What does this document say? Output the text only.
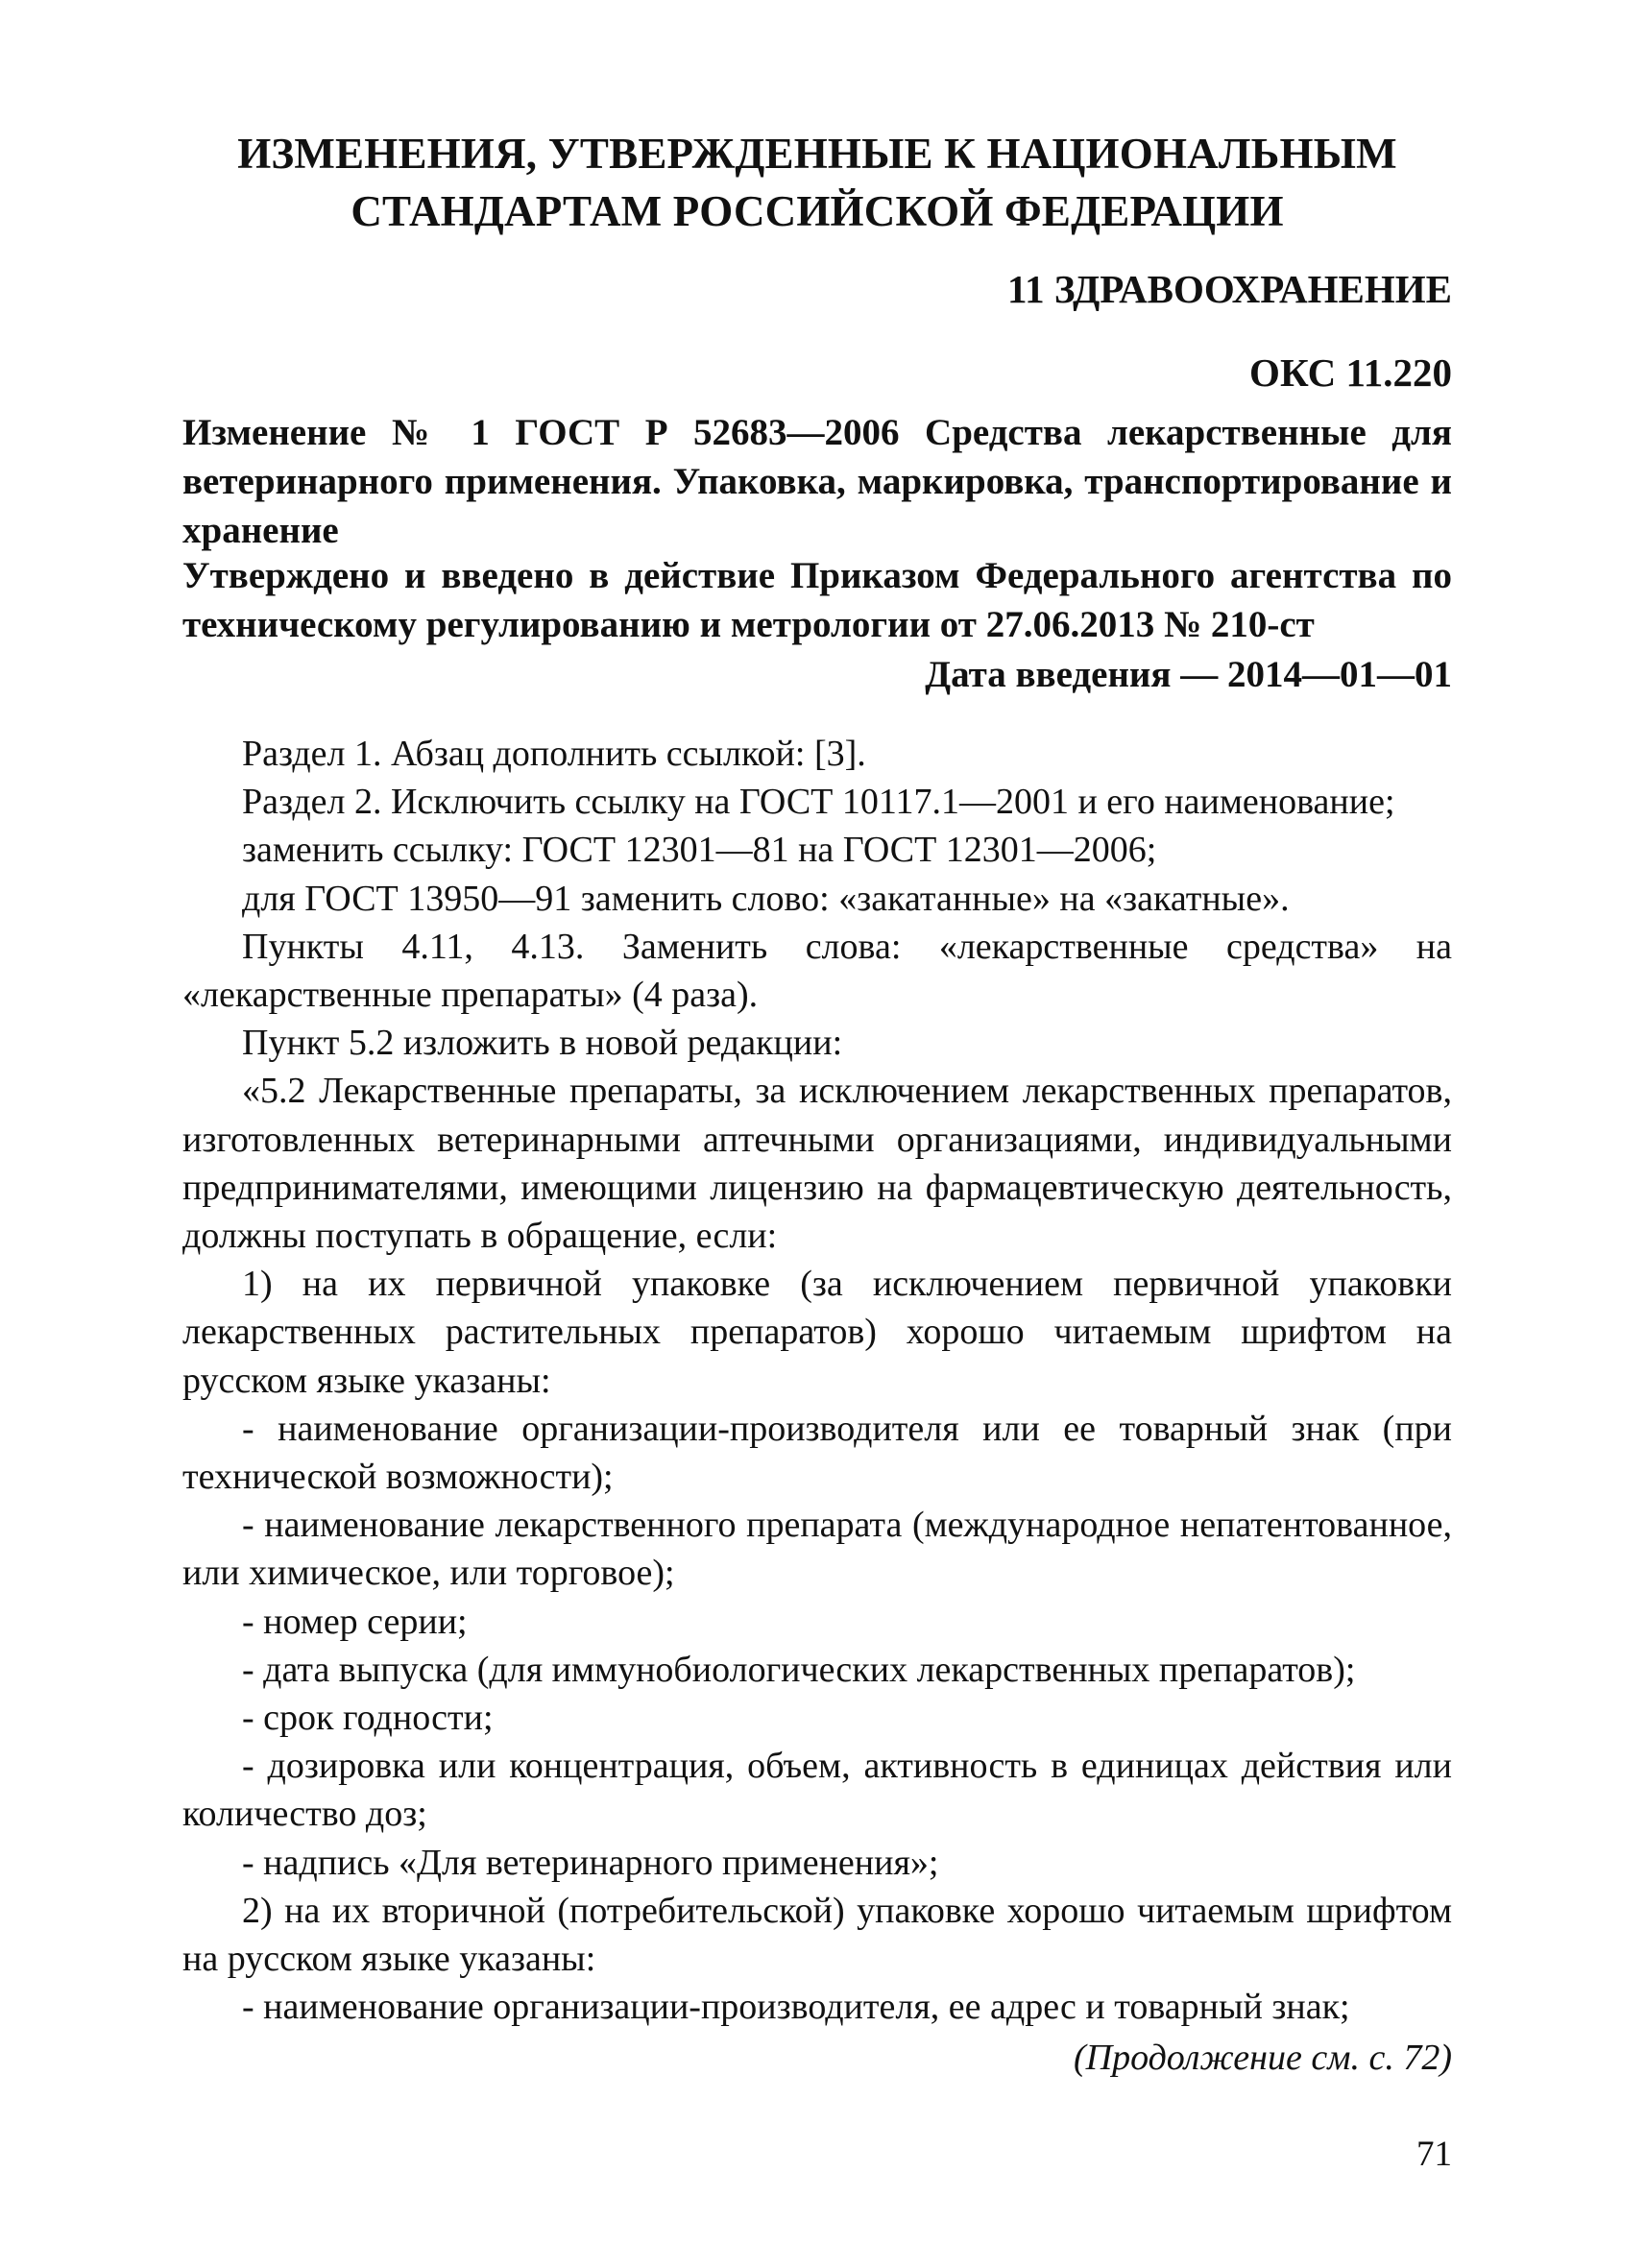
ИЗМЕНЕНИЯ, УТВЕРЖДЕННЫЕ К НАЦИОНАЛЬНЫМ
СТАНДАРТАМ РОССИЙСКОЙ ФЕДЕРАЦИИ
11 ЗДРАВООХРАНЕНИЕ
ОКС 11.220
Изменение № 1 ГОСТ Р 52683—2006 Средства лекарственные для ветеринарного применения. Упаковка, маркировка, транспортирование и хранение
Утверждено и введено в действие Приказом Федерального агентства по техническому регулированию и метрологии от 27.06.2013 № 210-ст
Дата введения — 2014—01—01

Раздел 1. Абзац дополнить ссылкой: [3].

Раздел 2. Исключить ссылку на ГОСТ 10117.1—2001 и его наименование;

заменить ссылку: ГОСТ 12301—81 на ГОСТ 12301—2006;

для ГОСТ 13950—91 заменить слово: «закатанные» на «закатные».

Пункты 4.11, 4.13. Заменить слова: «лекарственные средства» на «лекарственные препараты» (4 раза).

Пункт 5.2 изложить в новой редакции:

«5.2 Лекарственные препараты, за исключением лекарственных препаратов, изготовленных ветеринарными аптечными организациями, индивидуальными предпринимателями, имеющими лицензию на фармацевтическую деятельность, должны поступать в обращение, если:

1) на их первичной упаковке (за исключением первичной упаковки лекарственных растительных препаратов) хорошо читаемым шрифтом на русском языке указаны:

- наименование организации-производителя или ее товарный знак (при технической возможности);

- наименование лекарственного препарата (международное непатентованное, или химическое, или торговое);

- номер серии;

- дата выпуска (для иммунобиологических лекарственных препаратов);

- срок годности;

- дозировка или концентрация, объем, активность в единицах действия или количество доз;

- надпись «Для ветеринарного применения»;

2) на их вторичной (потребительской) упаковке хорошо читаемым шрифтом на русском языке указаны:

- наименование организации-производителя, ее адрес и товарный знак;

(Продолжение см. с. 72)
71
